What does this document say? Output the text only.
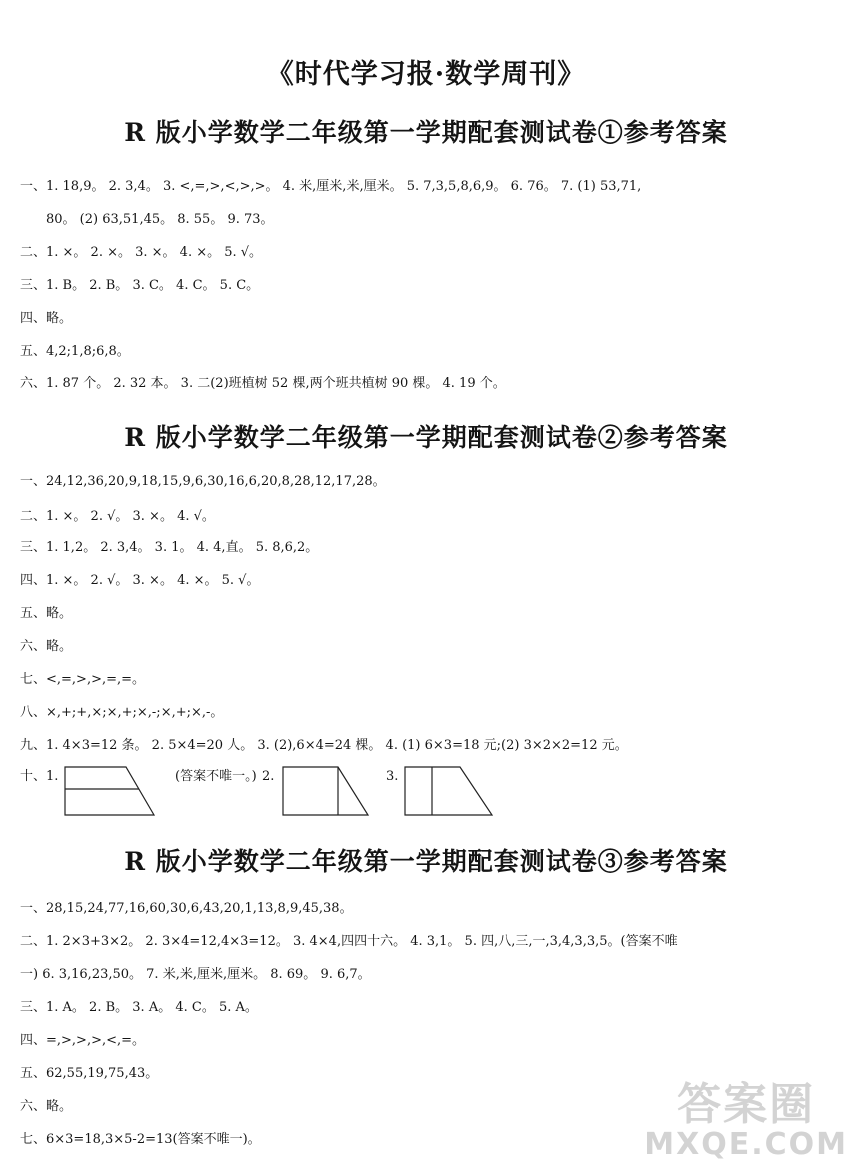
《时代学习报·数学周刊》
R 版小学数学二年级第一学期配套测试卷①参考答案
一、1. 18,9。 2. 3,4。 3. <,=,>,<,>,>。 4. 米,厘米,米,厘米。 5. 7,3,5,8,6,9。 6. 76。 7. (1) 53,71,
80。 (2) 63,51,45。 8. 55。 9. 73。
二、1. ×。 2. ×。 3. ×。 4. ×。 5. √。
三、1. B。 2. B。 3. C。 4. C。 5. C。
四、略。
五、4,2;1,8;6,8。
六、1. 87 个。 2. 32 本。 3. 二(2)班植树 52 棵,两个班共植树 90 棵。 4. 19 个。
R 版小学数学二年级第一学期配套测试卷②参考答案
一、24,12,36,20,9,18,15,9,6,30,16,6,20,8,28,12,17,28。
二、1. ×。 2. √。 3. ×。 4. √。
三、1. 1,2。 2. 3,4。 3. 1。 4. 4,直。 5. 8,6,2。
四、1. ×。 2. √。 3. ×。 4. ×。 5. √。
五、略。
六、略。
七、<,=,>,>,=,=。
八、×,+;+,×;×,+;×,-;×,+;×,-。
九、1. 4×3=12 条。 2. 5×4=20 人。 3. (2),6×4=24 棵。 4. (1) 6×3=18 元;(2) 3×2×2=12 元。
十、1.	(答案不唯一。) 2.	3.
R 版小学数学二年级第一学期配套测试卷③参考答案
一、28,15,24,77,16,60,30,6,43,20,1,13,8,9,45,38。
二、1. 2×3+3×2。 2. 3×4=12,4×3=12。 3. 4×4,四四十六。 4. 3,1。 5. 四,八,三,一,3,4,3,3,5。(答案不唯
一) 6. 3,16,23,50。 7. 米,米,厘米,厘米。 8. 69。 9. 6,7。
三、1. A。 2. B。 3. A。 4. C。 5. A。
四、=,>,>,>,<,=。
五、62,55,19,75,43。
六、略。
七、6×3=18,3×5-2=13(答案不唯一)。
答案圈
MXQE.COM
